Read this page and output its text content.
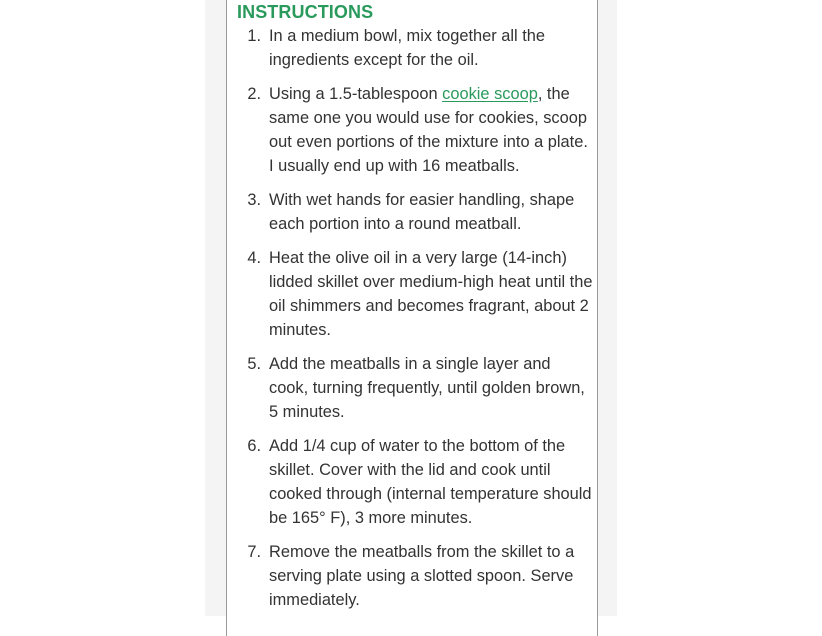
INSTRUCTIONS
1. In a medium bowl, mix together all the ingredients except for the oil.
2. Using a 1.5-tablespoon cookie scoop, the same one you would use for cookies, scoop out even portions of the mixture into a plate. I usually end up with 16 meatballs.
3. With wet hands for easier handling, shape each portion into a round meatball.
4. Heat the olive oil in a very large (14-inch) lidded skillet over medium-high heat until the oil shimmers and becomes fragrant, about 2 minutes.
5. Add the meatballs in a single layer and cook, turning frequently, until golden brown, 5 minutes.
6. Add 1/4 cup of water to the bottom of the skillet. Cover with the lid and cook until cooked through (internal temperature should be 165° F), 3 more minutes.
7. Remove the meatballs from the skillet to a serving plate using a slotted spoon. Serve immediately.
